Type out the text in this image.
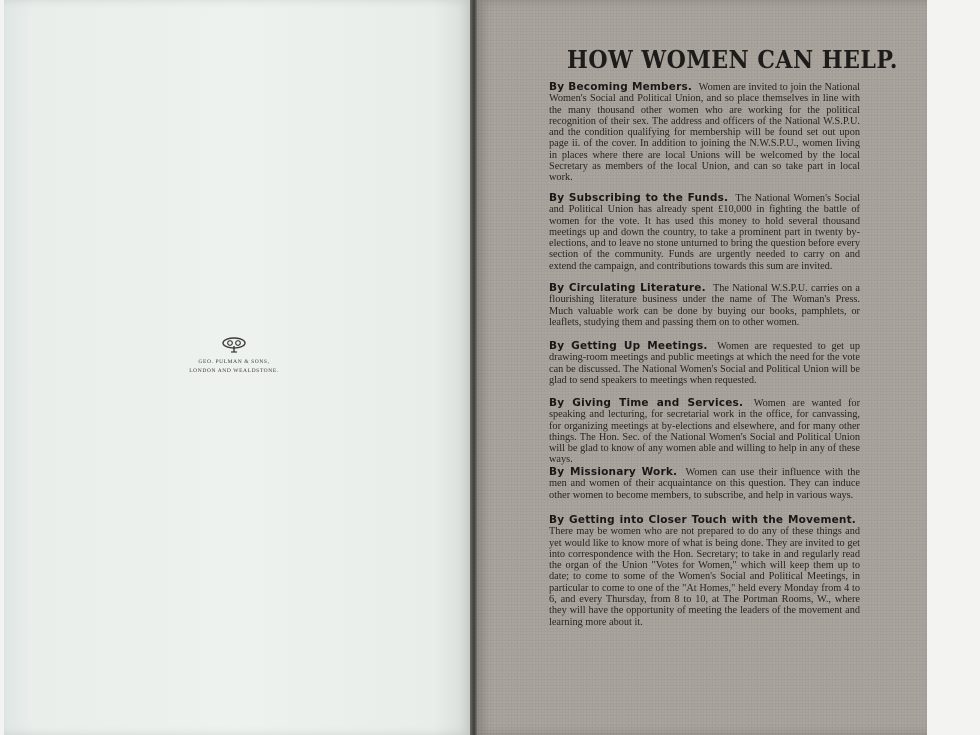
GEO. PULMAN & SONS,
LONDON AND WEALDSTONE.
HOW WOMEN CAN HELP.
By Becoming Members. Women are invited to join the National Women's Social and Political Union, and so place themselves in line with the many thousand other women who are working for the political recognition of their sex. The address and officers of the National W.S.P.U. and the condition qualifying for membership will be found set out upon page ii. of the cover. In addition to joining the N.W.S.P.U., women living in places where there are local Unions will be welcomed by the local Secretary as members of the local Union, and can so take part in local work.
By Subscribing to the Funds. The National Women's Social and Political Union has already spent £10,000 in fighting the battle of women for the vote. It has used this money to hold several thousand meetings up and down the country, to take a prominent part in twenty by-elections, and to leave no stone unturned to bring the question before every section of the community. Funds are urgently needed to carry on and extend the campaign, and contributions towards this sum are invited.
By Circulating Literature. The National W.S.P.U. carries on a flourishing literature business under the name of The Woman's Press. Much valuable work can be done by buying our books, pamphlets, or leaflets, studying them and passing them on to other women.
By Getting Up Meetings. Women are requested to get up drawing-room meetings and public meetings at which the need for the vote can be discussed. The National Women's Social and Political Union will be glad to send speakers to meetings when requested.
By Giving Time and Services. Women are wanted for speaking and lecturing, for secretarial work in the office, for canvassing, for organizing meetings at by-elections and elsewhere, and for many other things. The Hon. Sec. of the National Women's Social and Political Union will be glad to know of any women able and willing to help in any of these ways.
By Missionary Work. Women can use their influence with the men and women of their acquaintance on this question. They can induce other women to become members, to subscribe, and help in various ways.
By Getting into Closer Touch with the Movement. There may be women who are not prepared to do any of these things and yet would like to know more of what is being done. They are invited to get into correspondence with the Hon. Secretary; to take in and regularly read the organ of the Union "Votes for Women," which will keep them up to date; to come to some of the Women's Social and Political Meetings, in particular to come to one of the "At Homes," held every Monday from 4 to 6, and every Thursday, from 8 to 10, at The Portman Rooms, W., where they will have the opportunity of meeting the leaders of the movement and learning more about it.
